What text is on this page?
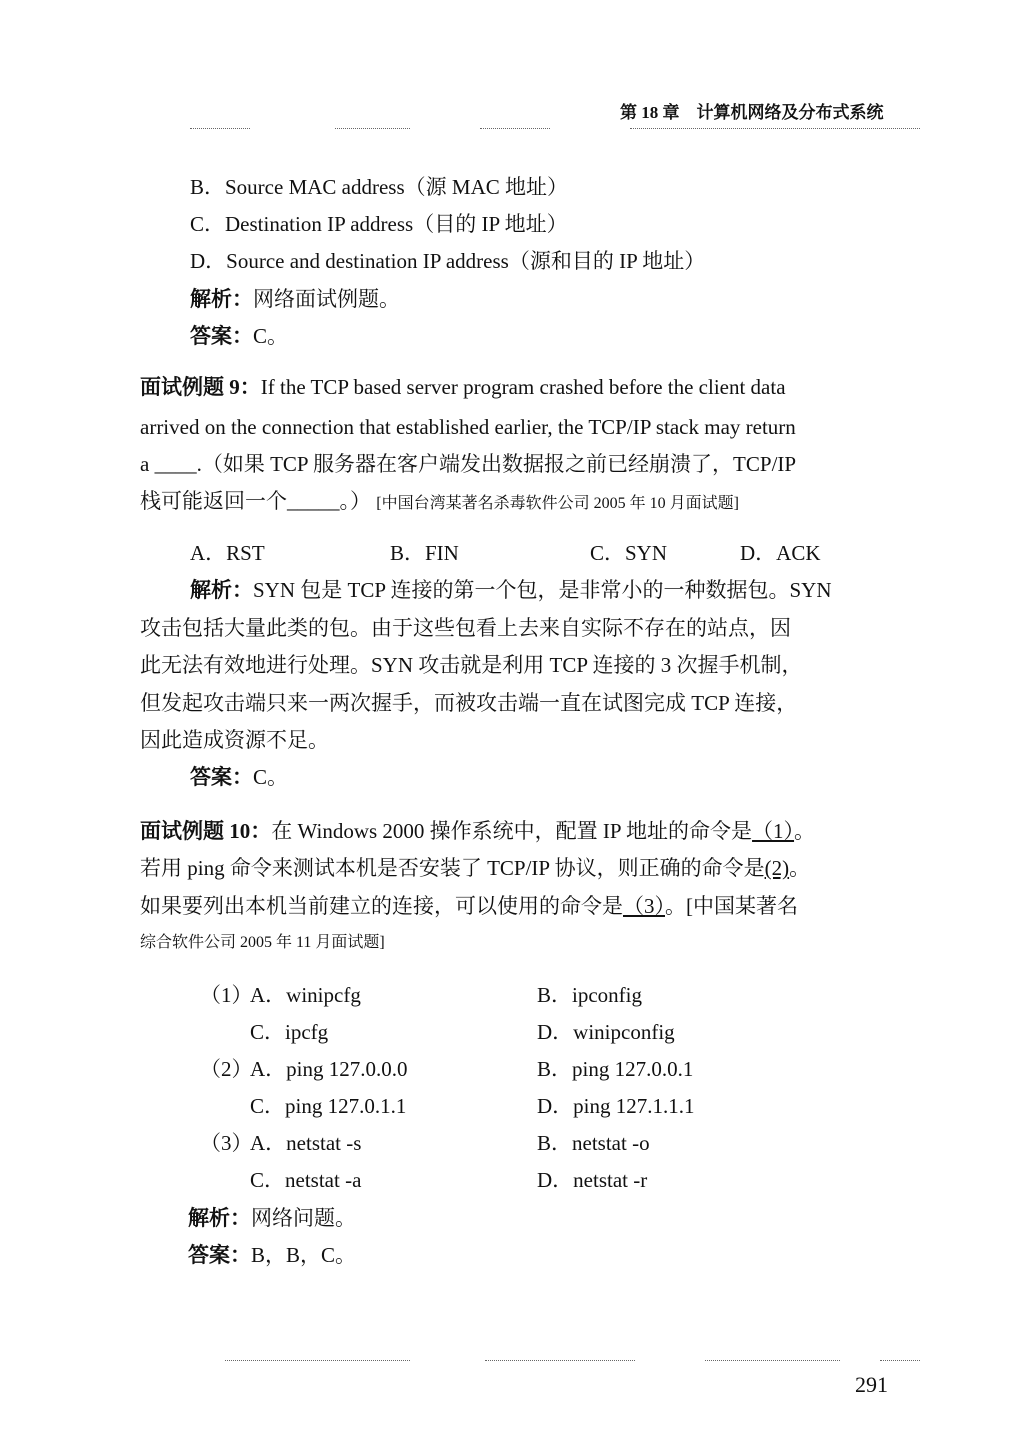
第 18 章　计算机网络及分布式系统
B．Source MAC address（源 MAC 地址）
C．Destination IP address（目的 IP 地址）
D．Source and destination IP address（源和目的 IP 地址）
解析：网络面试例题。
答案：C。
面试例题 9：If the TCP based server program crashed before the client data
arrived on the connection that established earlier, the TCP/IP stack may return
a ____.（如果 TCP 服务器在客户端发出数据报之前已经崩溃了，TCP/IP
栈可能返回一个_____。） [中国台湾某著名杀毒软件公司 2005 年 10 月面试题]
A．RST	B．FIN	C．SYN	D．ACK
解析：SYN 包是 TCP 连接的第一个包，是非常小的一种数据包。SYN
攻击包括大量此类的包。由于这些包看上去来自实际不存在的站点，因
此无法有效地进行处理。SYN 攻击就是利用 TCP 连接的 3 次握手机制，
但发起攻击端只来一两次握手，而被攻击端一直在试图完成 TCP 连接，
因此造成资源不足。
答案：C。
面试例题 10：在 Windows 2000 操作系统中，配置 IP 地址的命令是（1）。
若用 ping 命令来测试本机是否安装了 TCP/IP 协议，则正确的命令是(2)。
如果要列出本机当前建立的连接，可以使用的命令是（3）。[中国某著名
综合软件公司 2005 年 11 月面试题]
（1）
A．winipcfg	B．ipconfig
C．ipcfg	D．winipconfig
（2）
A．ping 127.0.0.0	B．ping 127.0.0.1
C．ping 127.0.1.1	D．ping 127.1.1.1
（3）
A．netstat -s	B．netstat -o
C．netstat -a	D．netstat -r
解析：网络问题。
答案：B，B，C。
291
